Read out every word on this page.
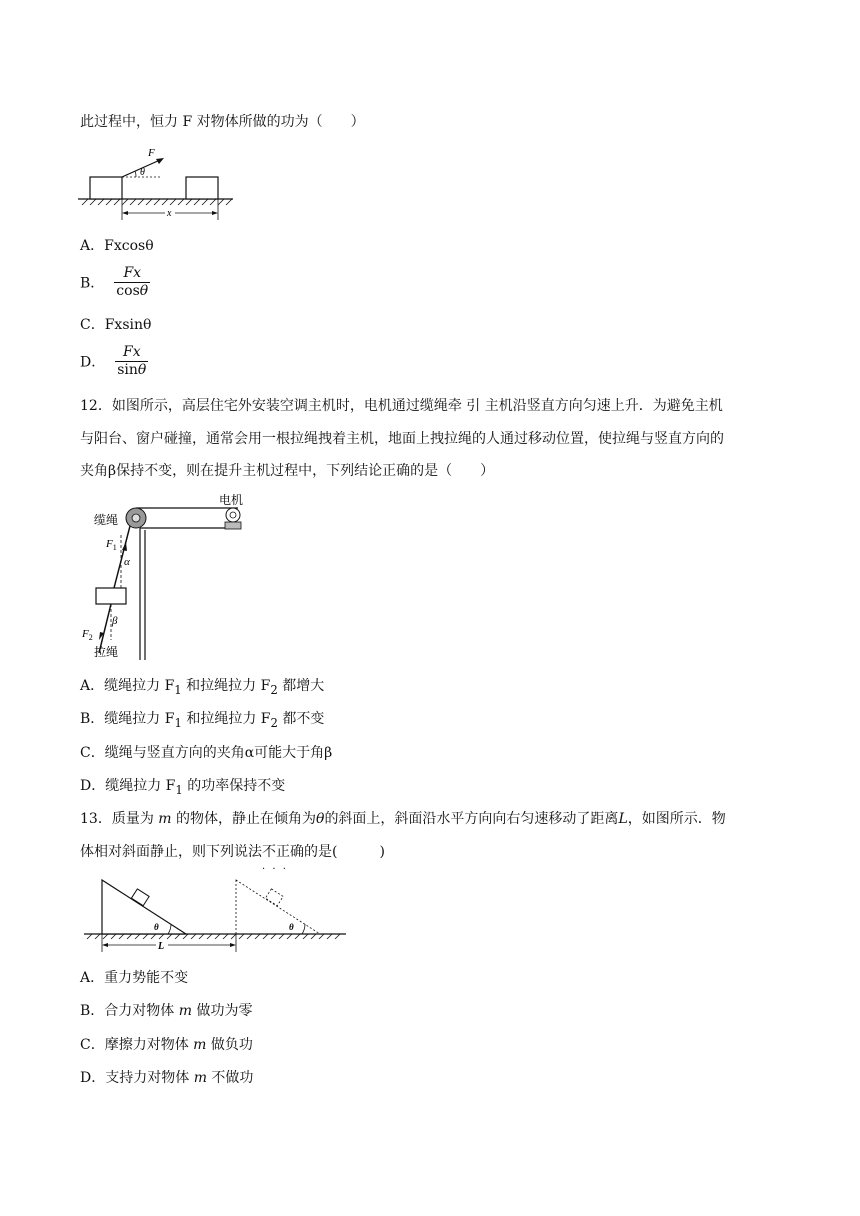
此过程中，恒力 F 对物体所做的功为（　　）
F
θ
x
A．Fxcosθ
B． $\frac{Fx}{\cos\theta}$
C．Fxsinθ
D． $\frac{Fx}{\sin\theta}$
12．如图所示，高层住宅外安装空调主机时，电机通过缆绳牵 引 主机沿竖直方向匀速上升．为避免主机
与阳台、窗户碰撞，通常会用一根拉绳拽着主机，地面上拽拉绳的人通过移动位置，使拉绳与竖直方向的
夹角β保持不变，则在提升主机过程中，下列结论正确的是（　　）
电机
缆绳
$F_1$
α
β
$F_2$
拉绳
A．缆绳拉力 $F_1$ 和拉绳拉力 $F_2$ 都增大
B．缆绳拉力 $F_1$ 和拉绳拉力 $F_2$ 都不变
C．缆绳与竖直方向的夹角α可能大于角β
D．缆绳拉力 $F_1$ 的功率保持不变
13．质量为 m 的物体，静止在倾角为θ的斜面上，斜面沿水平方向向右匀速移动了距离L，如图所示．物
体相对斜面静止，则下列说法不正确 · · ·的是(　　　)
θ	θ
L
A．重力势能不变
B．合力对物体 m 做功为零
C．摩擦力对物体 m 做负功
D．支持力对物体 m 不做功
